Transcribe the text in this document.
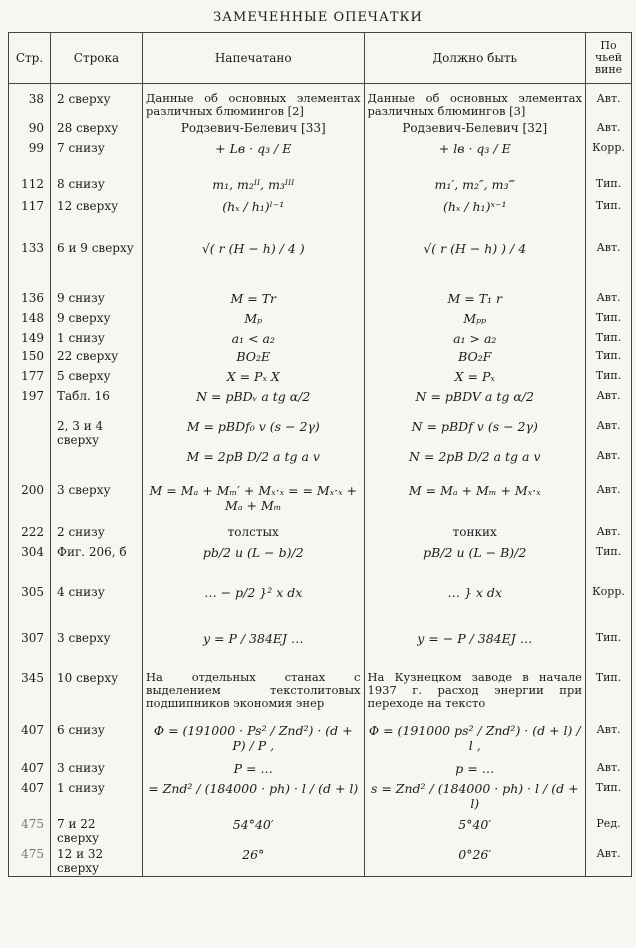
ЗАМЕЧЕННЫЕ ОПЕЧАТКИ
Стр.	Строка	Напечатано	Должно быть	По чьей вине
38	2 сверху	Данные об основных элементах различных блюмингов [2]	Данные об основных элементах различных блюмингов [3]	Авт.
90	28 сверху	Родзевич-Белевич [33]	Родзевич-Белевич [32]	Авт.
99	7 снизу	+ Lв · q₃ / E	+ lв · q₃ / E	Корр.
112	8 снизу	m₁, m₂ᴵᴵ, m₃ᴵᴵᴵ	m₁′, m₂″, m₃‴	Тип.
117	12 сверху	(hₓ / h₁)ˡ⁻¹	(hₓ / h₁)ˣ⁻¹	Тип.
133	6 и 9 сверху	√( r (H − h) / 4 )	√( r (H − h) ) / 4	Авт.
136	9 снизу	M = Tr	M = T₁ r	Авт.
148	9 сверху	Mₚ	Mₚₚ	Тип.
149	1 снизу	a₁ < a₂	a₁ > a₂	Тип.
150	22 сверху	BO₂E	BO₂F	Тип.
177	5 сверху	X = Pₓ X	X = Pₓ	Тип.
197	Табл. 16	N = pBDᵥ a tg α/2	N = pBDV a tg α/2	Авт.
	2, 3 и 4 сверху	M = pBDf₀ v (s − 2γ)	N = pBDf v (s − 2γ)	Авт.
		M = 2pB D/2 a tg a v	N = 2pB D/2 a tg a v	Авт.
200	3 сверху	M = Mₐ + Mₘ′ + Mₓ·ₓ = = Mₓ·ₓ + Mₐ + Mₘ	M = Mₐ + Mₘ + Mₓ·ₓ	Авт.
222	2 снизу	толстых	тонких	Авт.
304	Фиг. 206, б	pb/2 и (L − b)/2	pB/2 и (L − B)/2	Тип.
305	4 снизу	… − p/2 }² x dx	… } x dx	Корр.
307	3 сверху	y = P / 384EJ …	y = − P / 384EJ …	Тип.
345	10 сверху	На отдельных станах с выделением текстолитовых подшипников экономия энер	На Кузнецком заводе в начале 1937 г. расход энергии при переходе на тексто	Тип.
407	6 снизу	Φ = (191000 · Ps² / Znd²) · (d + P) / P ,	Φ = (191000 ps² / Znd²) · (d + l) / l ,	Авт.
407	3 снизу	P = …	p = …	Авт.
407	1 снизу	= Znd² / (184000 · ph) · l / (d + l)	s = Znd² / (184000 · ph) · l / (d + l)	Тип.
475	7 и 22 сверху	54°40′	5°40′	Ред.
475	12 и 32 сверху	26°	0°26′	Авт.
